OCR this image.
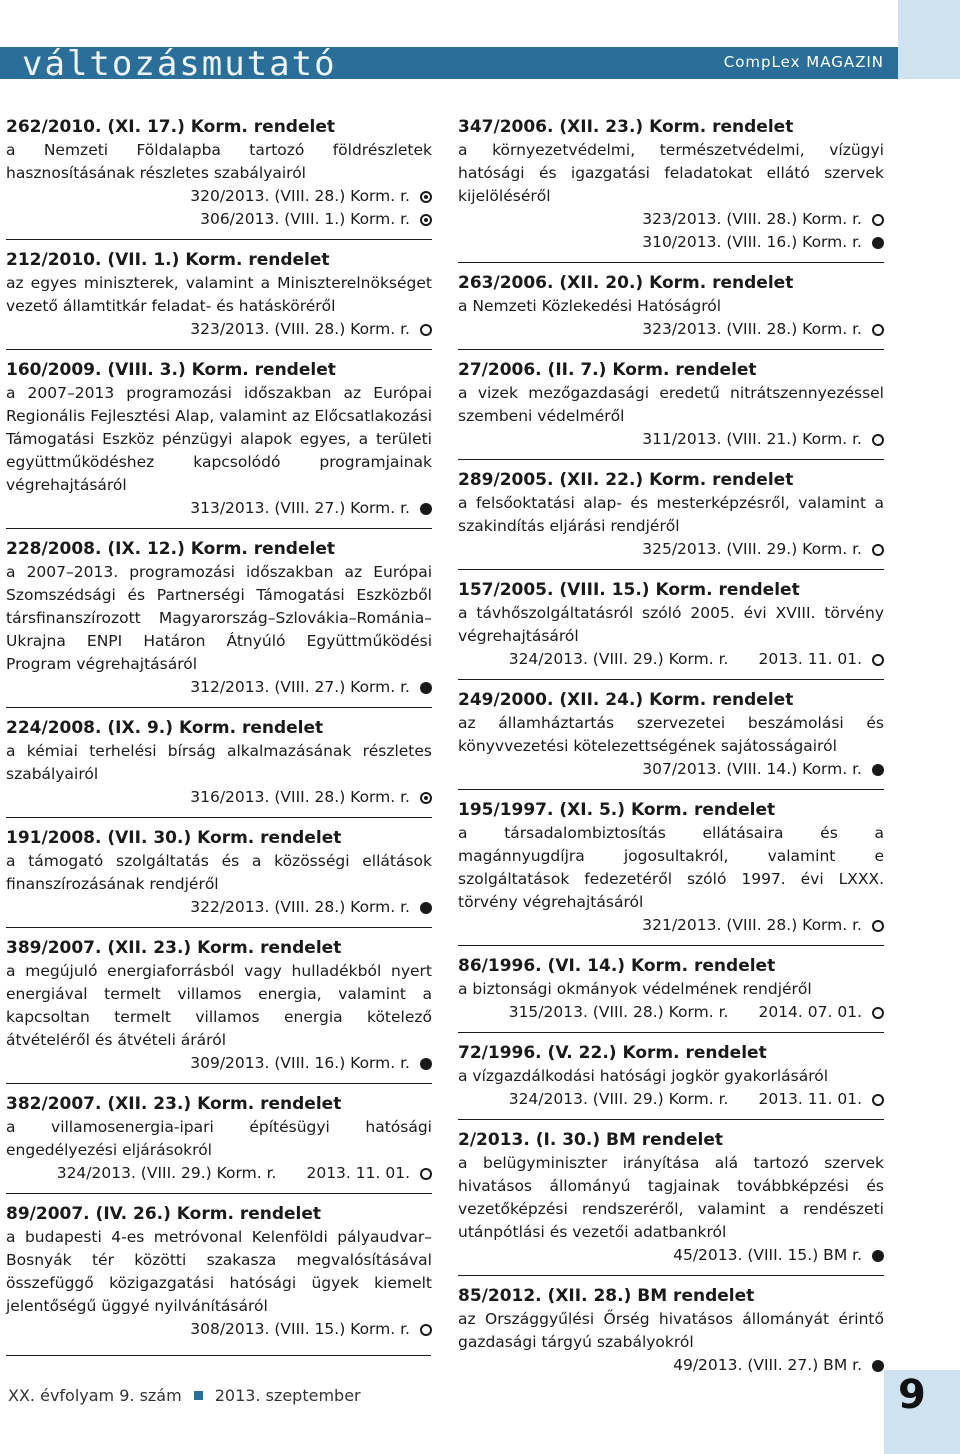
változásmutató	CompLex MAGAZIN
262/2010. (XI. 17.) Korm. rendelet
a Nemzeti Földalapba tartozó földrészletek hasznosításának részletes szabályairól
320/2013. (VIII. 28.) Korm. r.
306/2013. (VIII. 1.) Korm. r.
212/2010. (VII. 1.) Korm. rendelet
az egyes miniszterek, valamint a Miniszterelnökséget vezető államtitkár feladat- és hatásköréről
323/2013. (VIII. 28.) Korm. r.
160/2009. (VIII. 3.) Korm. rendelet
a 2007–2013 programozási időszakban az Európai Regionális Fejlesztési Alap, valamint az Előcsatlakozási Támogatási Eszköz pénzügyi alapok egyes, a területi együttműködéshez kapcsolódó programjainak végrehajtásáról
313/2013. (VIII. 27.) Korm. r.
228/2008. (IX. 12.) Korm. rendelet
a 2007–2013. programozási időszakban az Európai Szomszédsági és Partnerségi Támogatási Eszközből társfinanszírozott Magyarország–Szlovákia–Románia–Ukrajna ENPI Határon Átnyúló Együttműködési Program végrehajtásáról
312/2013. (VIII. 27.) Korm. r.
224/2008. (IX. 9.) Korm. rendelet
a kémiai terhelési bírság alkalmazásának részletes szabályairól
316/2013. (VIII. 28.) Korm. r.
191/2008. (VII. 30.) Korm. rendelet
a támogató szolgáltatás és a közösségi ellátások finanszírozásának rendjéről
322/2013. (VIII. 28.) Korm. r.
389/2007. (XII. 23.) Korm. rendelet
a megújuló energiaforrásból vagy hulladékból nyert energiával termelt villamos energia, valamint a kapcsoltan termelt villamos energia kötelező átvételéről és átvételi áráról
309/2013. (VIII. 16.) Korm. r.
382/2007. (XII. 23.) Korm. rendelet
a villamosenergia-ipari építésügyi hatósági engedélyezési eljárásokról
324/2013. (VIII. 29.) Korm. r. 2013. 11. 01.
89/2007. (IV. 26.) Korm. rendelet
a budapesti 4-es metróvonal Kelenföldi pályaudvar–Bosnyák tér közötti szakasza megvalósításával összefüggő közigazgatási hatósági ügyek kiemelt jelentőségű üggyé nyilvánításáról
308/2013. (VIII. 15.) Korm. r.
347/2006. (XII. 23.) Korm. rendelet
a környezetvédelmi, természetvédelmi, vízügyi hatósági és igazgatási feladatokat ellátó szervek kijelöléséről
323/2013. (VIII. 28.) Korm. r.
310/2013. (VIII. 16.) Korm. r.
263/2006. (XII. 20.) Korm. rendelet
a Nemzeti Közlekedési Hatóságról
323/2013. (VIII. 28.) Korm. r.
27/2006. (II. 7.) Korm. rendelet
a vizek mezőgazdasági eredetű nitrátszennyezéssel szembeni védelméről
311/2013. (VIII. 21.) Korm. r.
289/2005. (XII. 22.) Korm. rendelet
a felsőoktatási alap- és mesterképzésről, valamint a szakindítás eljárási rendjéről
325/2013. (VIII. 29.) Korm. r.
157/2005. (VIII. 15.) Korm. rendelet
a távhőszolgáltatásról szóló 2005. évi XVIII. törvény végrehajtásáról
324/2013. (VIII. 29.) Korm. r. 2013. 11. 01.
249/2000. (XII. 24.) Korm. rendelet
az államháztartás szervezetei beszámolási és könyvvezetési kötelezettségének sajátosságairól
307/2013. (VIII. 14.) Korm. r.
195/1997. (XI. 5.) Korm. rendelet
a társadalombiztosítás ellátásaira és a magánnyugdíjra jogosultakról, valamint e szolgáltatások fedezetéről szóló 1997. évi LXXX. törvény végrehajtásáról
321/2013. (VIII. 28.) Korm. r.
86/1996. (VI. 14.) Korm. rendelet
a biztonsági okmányok védelmének rendjéről
315/2013. (VIII. 28.) Korm. r. 2014. 07. 01.
72/1996. (V. 22.) Korm. rendelet
a vízgazdálkodási hatósági jogkör gyakorlásáról
324/2013. (VIII. 29.) Korm. r. 2013. 11. 01.
2/2013. (I. 30.) BM rendelet
a belügyminiszter irányítása alá tartozó szervek hivatásos állományú tagjainak továbbképzési és vezetőképzési rendszeréről, valamint a rendészeti utánpótlási és vezetői adatbankról
45/2013. (VIII. 15.) BM r.
85/2012. (XII. 28.) BM rendelet
az Országgyűlési Őrség hivatásos állományát érintő gazdasági tárgyú szabályokról
49/2013. (VIII. 27.) BM r.
XX. évfolyam 9. szám 2013. szeptember	9
